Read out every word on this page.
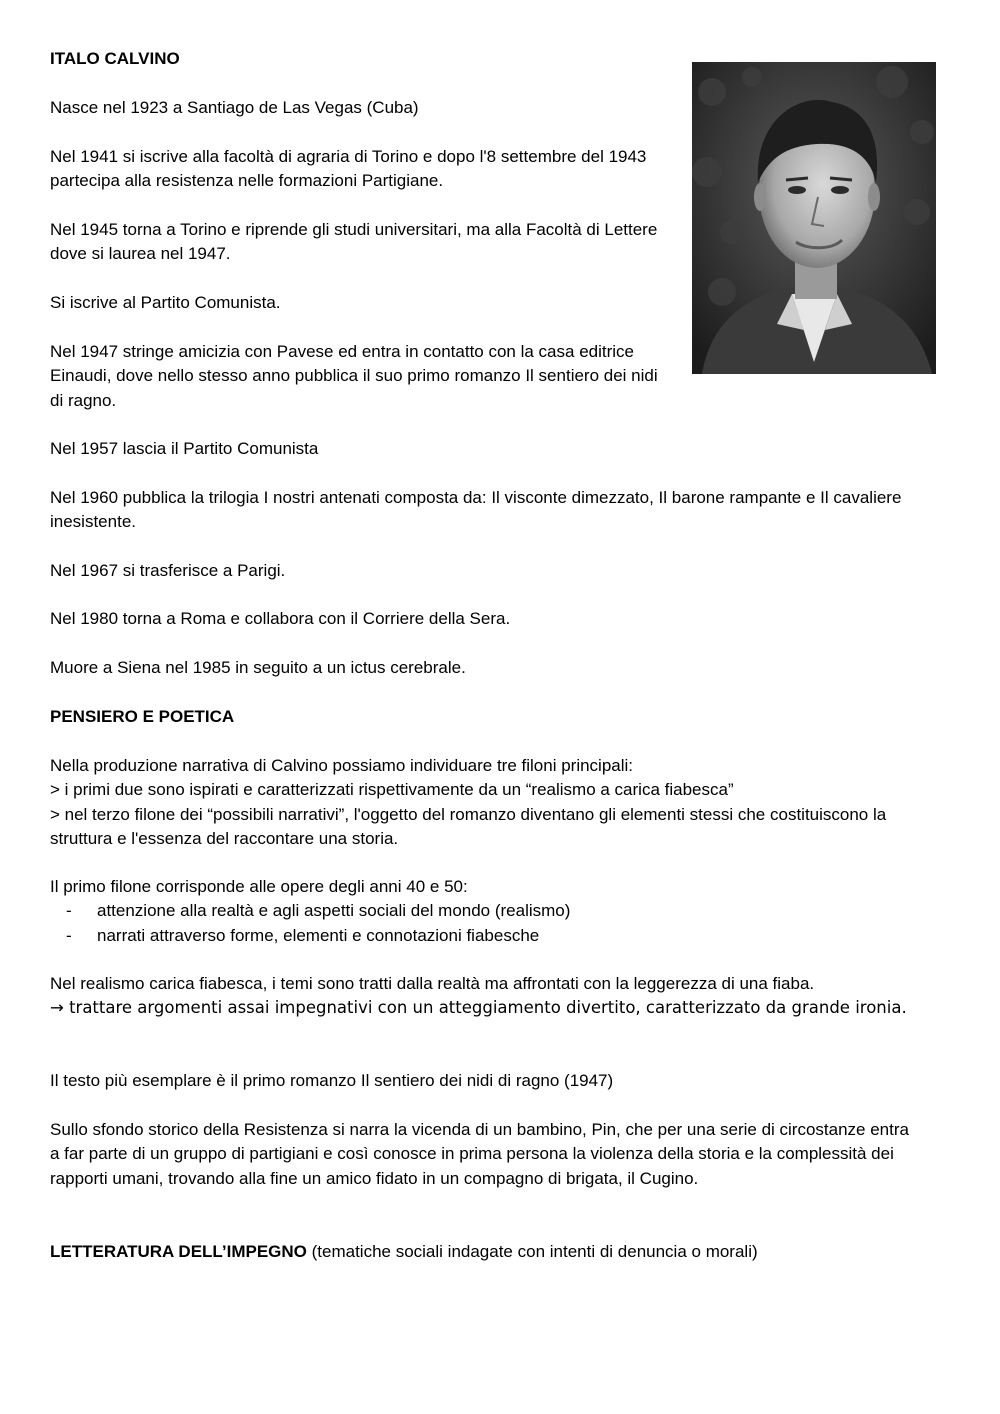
ITALO CALVINO

Nasce nel 1923 a Santiago de Las Vegas (Cuba)

Nel 1941 si iscrive alla facoltà di agraria di Torino e dopo l'8 settembre del 1943 partecipa alla resistenza nelle formazioni Partigiane.

Nel 1945 torna a Torino e riprende gli studi universitari, ma alla Facoltà di Lettere dove si laurea nel 1947.

Si iscrive al Partito Comunista.

Nel 1947 stringe amicizia con Pavese ed entra in contatto con la casa editrice Einaudi, dove nello stesso anno pubblica il suo primo romanzo Il sentiero dei nidi di ragno.

Nel 1957 lascia il Partito Comunista

Nel 1960 pubblica la trilogia I nostri antenati composta da: Il visconte dimezzato, Il barone rampante e Il cavaliere inesistente.

Nel 1967 si trasferisce a Parigi.

Nel 1980 torna a Roma e collabora con il Corriere della Sera.

Muore a Siena nel 1985 in seguito a un ictus cerebrale.

PENSIERO E POETICA

Nella produzione narrativa di Calvino possiamo individuare tre filoni principali:
> i primi due sono ispirati e caratterizzati rispettivamente da un “realismo a carica fiabesca”
> nel terzo filone dei “possibili narrativi”, l'oggetto del romanzo diventano gli elementi stessi che costituiscono la struttura e l'essenza del raccontare una storia.
Il primo filone corrisponde alle opere degli anni 40 e 50:
- attenzione alla realtà e agli aspetti sociali del mondo (realismo)
- narrati attraverso forme, elementi e connotazioni fiabesche
Nel realismo carica fiabesca, i temi sono tratti dalla realtà ma affrontati con la leggerezza di una fiaba.
→ trattare argomenti assai impegnativi con un atteggiamento divertito, caratterizzato da grande ironia.

Il testo più esemplare è il primo romanzo Il sentiero dei nidi di ragno (1947)

Sullo sfondo storico della Resistenza si narra la vicenda di un bambino, Pin, che per una serie di circostanze entra a far parte di un gruppo di partigiani e così conosce in prima persona la violenza della storia e la complessità dei rapporti umani, trovando alla fine un amico fidato in un compagno di brigata, il Cugino.

LETTERATURA DELL’IMPEGNO (tematiche sociali indagate con intenti di denuncia o morali)
